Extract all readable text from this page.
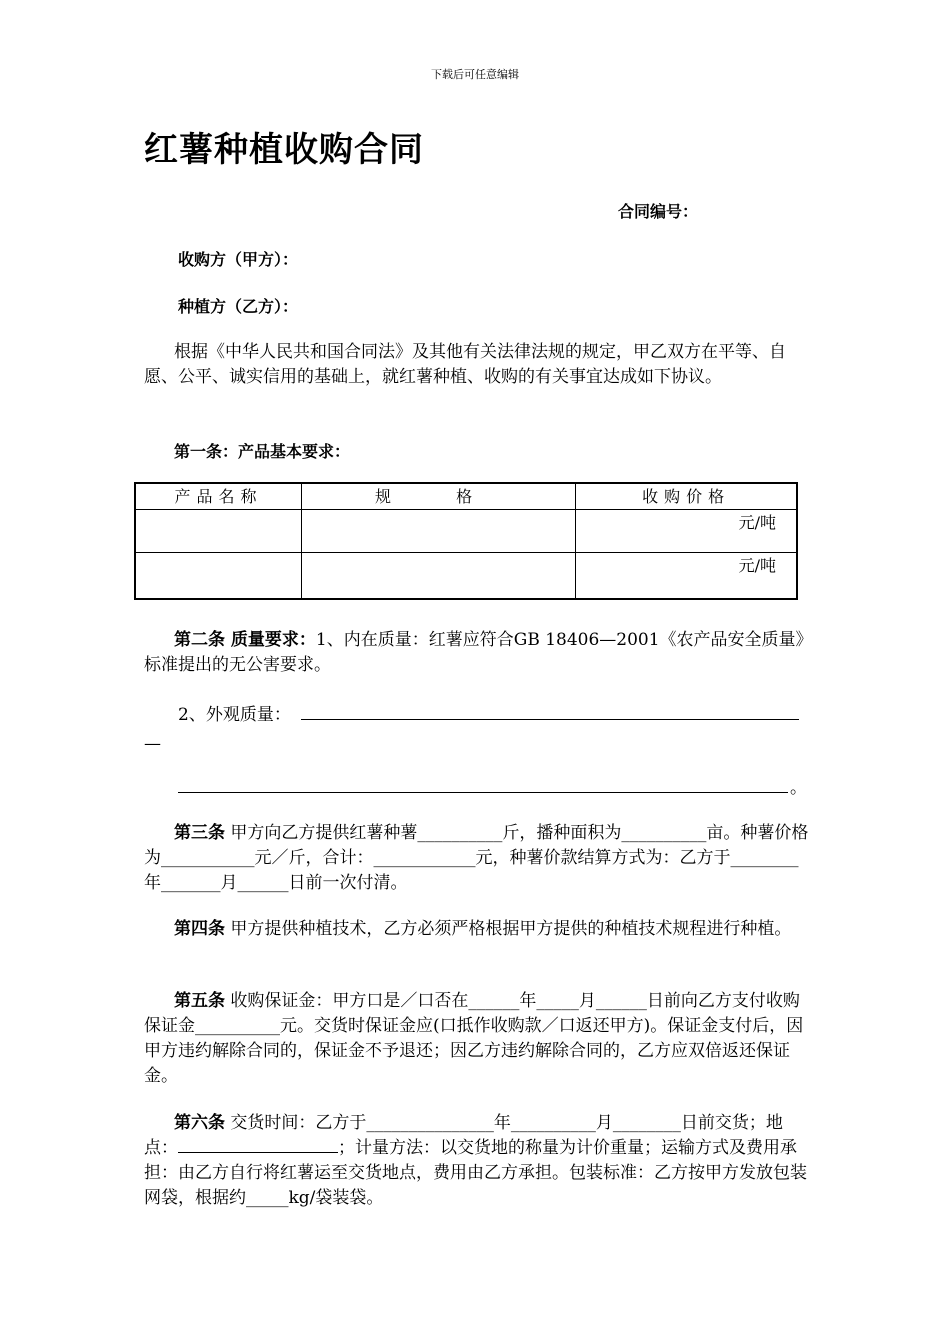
下载后可任意编辑
红薯种植收购合同
合同编号：
收购方（甲方）：
种植方（乙方）：
根据《中华人民共和国合同法》及其他有关法律法规的规定，甲乙双方在平等、自愿、公平、诚实信用的基础上，就红薯种植、收购的有关事宜达成如下协议。
第一条：产品基本要求：
产品名称	规 格	收购价格
		元/吨
		元/吨
第二条 质量要求：1、内在质量：红薯应符合GB 18406—2001《农产品安全质量》标准提出的无公害要求。
2、外观质量：
—
。
第三条 甲方向乙方提供红薯种薯__________斤，播种面积为__________亩。种薯价格为___________元／斤，合计：____________元，种薯价款结算方式为：乙方于________年_______月______日前一次付清。
第四条 甲方提供种植技术，乙方必须严格根据甲方提供的种植技术规程进行种植。
第五条 收购保证金：甲方口是／口否在______年_____月______日前向乙方支付收购保证金__________元。交货时保证金应(口抵作收购款／口返还甲方)。保证金支付后，因甲方违约解除合同的，保证金不予退还；因乙方违约解除合同的，乙方应双倍返还保证金。
第六条 交货时间：乙方于_______________年__________月________日前交货；地点：	；计量方法：以交货地的称量为计价重量；运输方式及费用承担：由乙方自行将红薯运至交货地点，费用由乙方承担。包装标准：乙方按甲方发放包装网袋，根据约_____kg/袋装袋。
